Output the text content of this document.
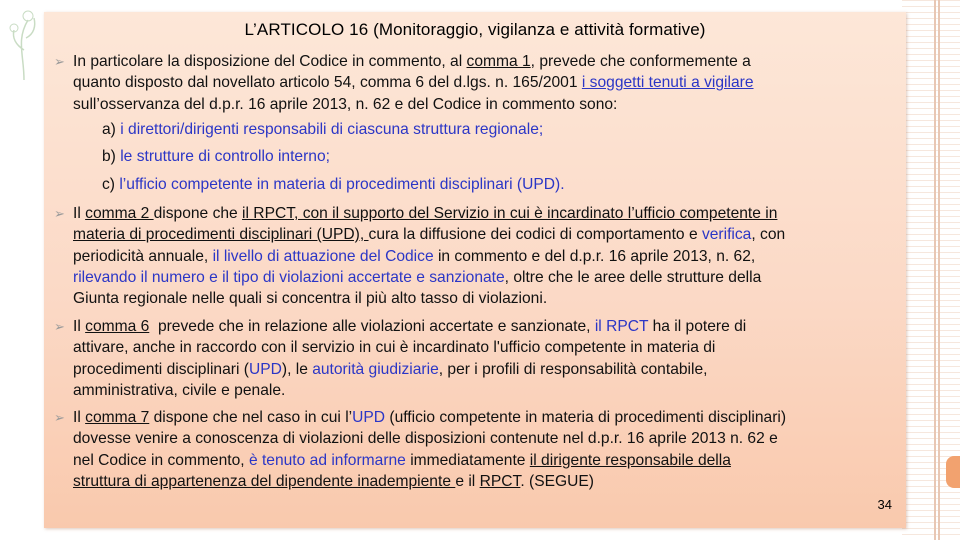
L’ARTICOLO 16 (Monitoraggio, vigilanza e attività formative)
➢ In particolare la disposizione del Codice in commento, al comma 1, prevede che conformemente a
quanto disposto dal novellato articolo 54, comma 6 del d.lgs. n. 165/2001 i soggetti tenuti a vigilare
sull’osservanza del d.p.r. 16 aprile 2013, n. 62 e del Codice in commento sono:
a) i direttori/dirigenti responsabili di ciascuna struttura regionale;
b) le strutture di controllo interno;
c) l’ufficio competente in materia di procedimenti disciplinari (UPD).
➢ Il comma 2 dispone che il RPCT, con il supporto del Servizio in cui è incardinato l’ufficio competente in
materia di procedimenti disciplinari (UPD), cura la diffusione dei codici di comportamento e verifica, con
periodicità annuale, il livello di attuazione del Codice in commento e del d.p.r. 16 aprile 2013, n. 62,
rilevando il numero e il tipo di violazioni accertate e sanzionate, oltre che le aree delle strutture della
Giunta regionale nelle quali si concentra il più alto tasso di violazioni.
➢ Il comma 6  prevede che in relazione alle violazioni accertate e sanzionate, il RPCT ha il potere di
attivare, anche in raccordo con il servizio in cui è incardinato l'ufficio competente in materia di
procedimenti disciplinari (UPD), le autorità giudiziarie, per i profili di responsabilità contabile,
amministrativa, civile e penale.
➢ Il comma 7 dispone che nel caso in cui l’UPD (ufficio competente in materia di procedimenti disciplinari)
dovesse venire a conoscenza di violazioni delle disposizioni contenute nel d.p.r. 16 aprile 2013 n. 62 e
nel Codice in commento, è tenuto ad informarne immediatamente il dirigente responsabile della
struttura di appartenenza del dipendente inadempiente e il RPCT. (SEGUE)
34
